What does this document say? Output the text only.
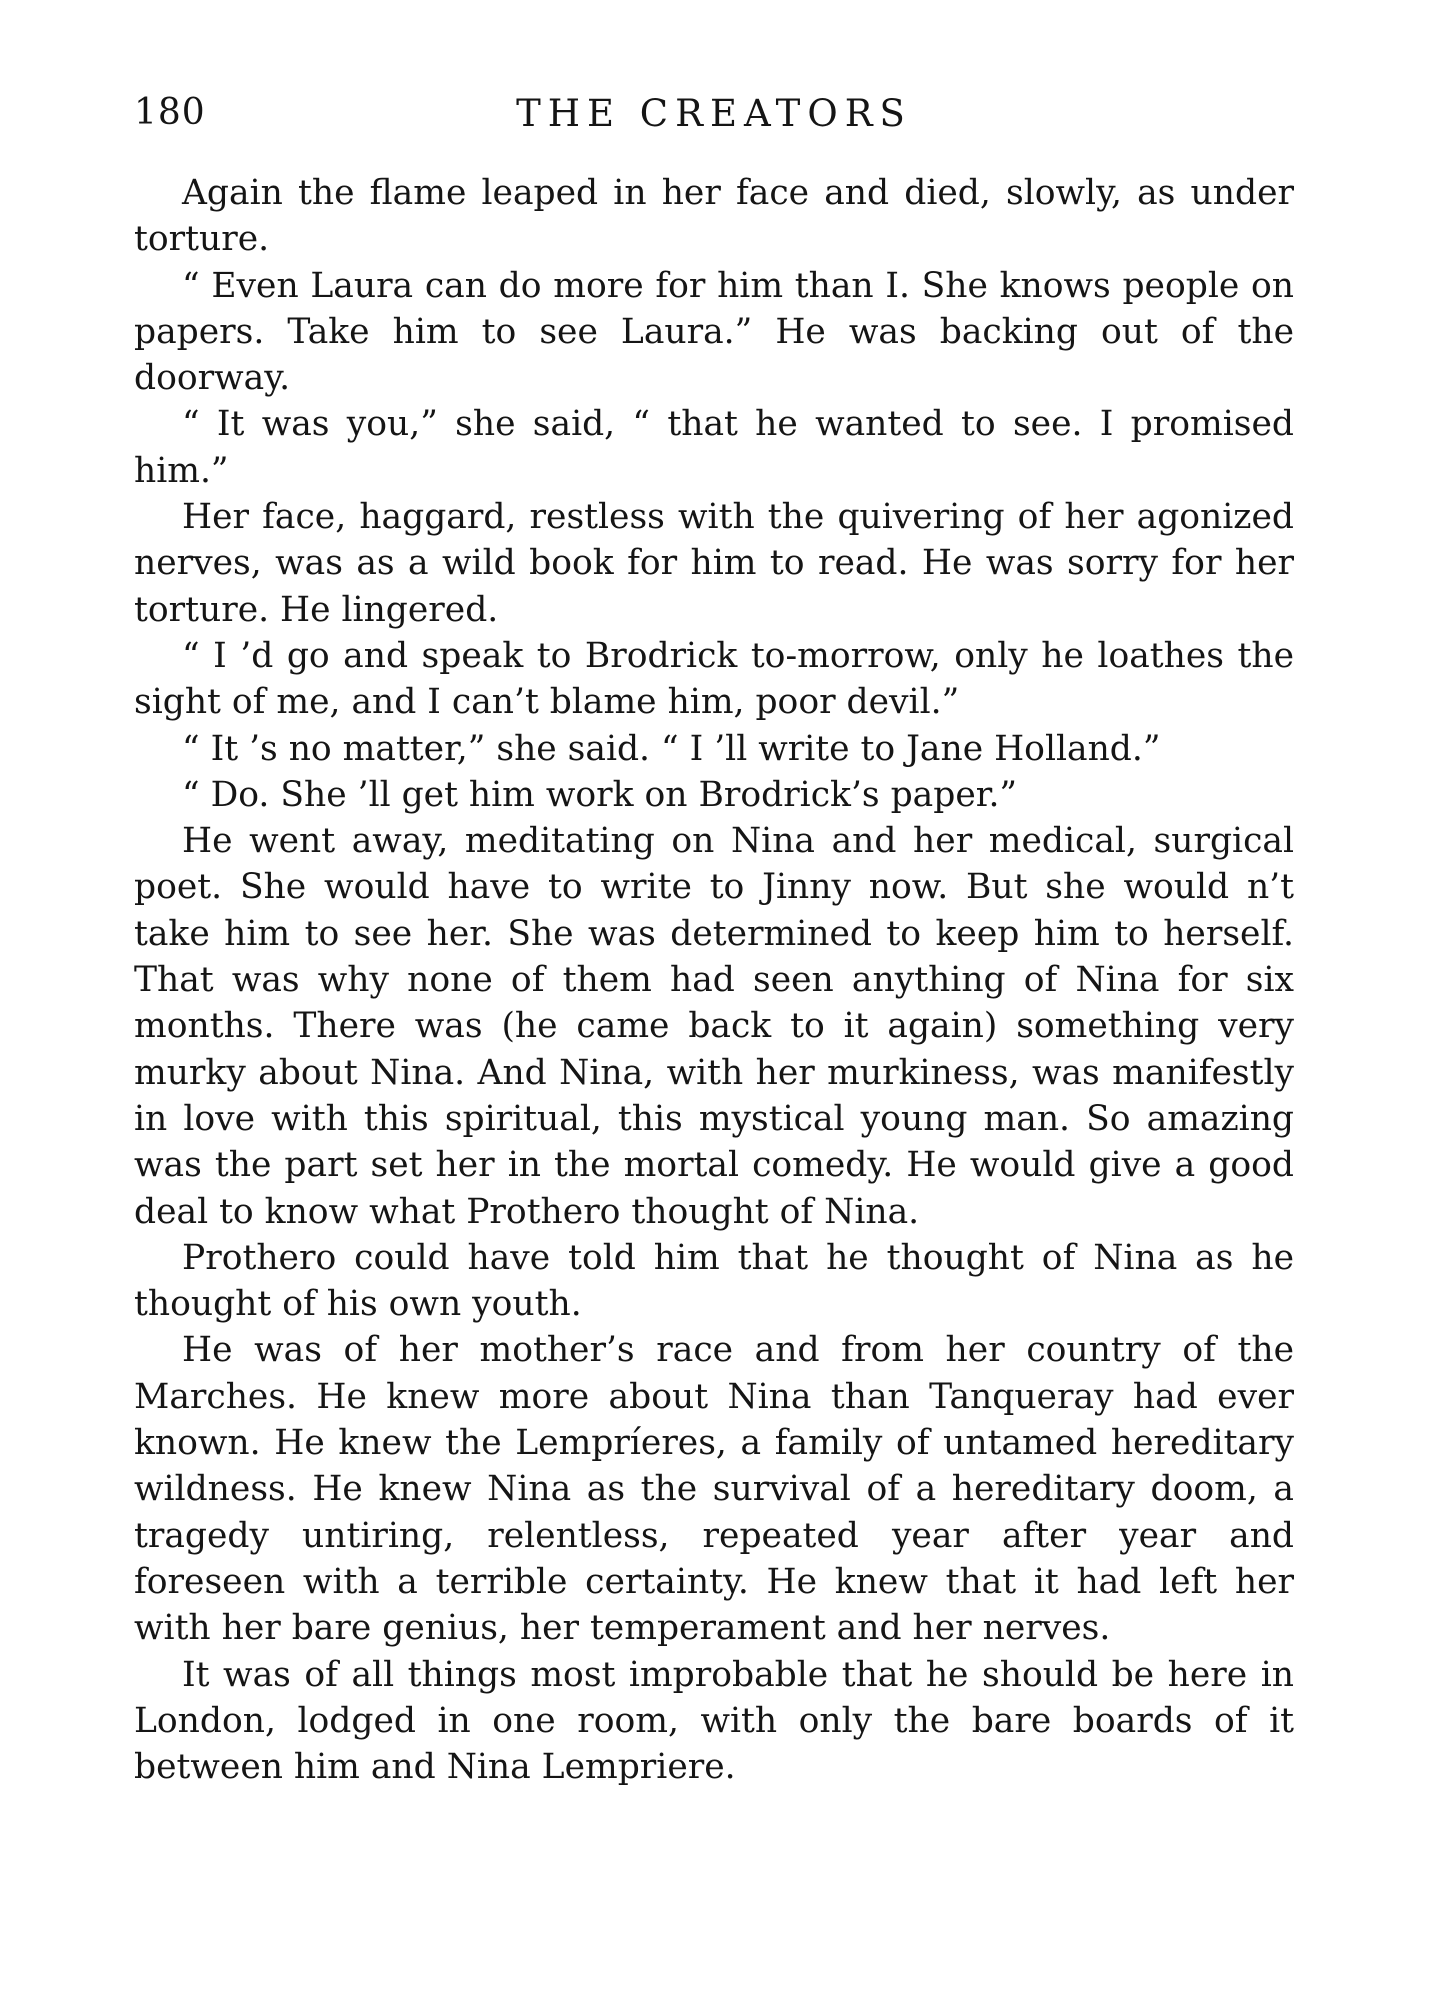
180	THE CREATORS

Again the flame leaped in her face and died, slowly, as under torture.

“ Even Laura can do more for him than I. She knows people on papers. Take him to see Laura.” He was backing out of the doorway.

“ It was you,” she said, “ that he wanted to see. I promised him.”

Her face, haggard, restless with the quivering of her agonized nerves, was as a wild book for him to read. He was sorry for her torture. He lingered.

“ I ’d go and speak to Brodrick to-morrow, only he loathes the sight of me, and I can’t blame him, poor devil.”

“ It ’s no matter,” she said. “ I ’ll write to Jane Holland.”

“ Do. She ’ll get him work on Brodrick’s paper.”

He went away, meditating on Nina and her medical, surgical poet. She would have to write to Jinny now. But she would n’t take him to see her. She was determined to keep him to herself. That was why none of them had seen anything of Nina for six months. There was (he came back to it again) something very murky about Nina. And Nina, with her murkiness, was manifestly in love with this spiritual, this mystical young man. So amazing was the part set her in the mortal comedy. He would give a good deal to know what Prothero thought of Nina.

Prothero could have told him that he thought of Nina as he thought of his own youth.

He was of her mother’s race and from her country of the Marches. He knew more about Nina than Tanqueray had ever known. He knew the Lempríeres, a family of untamed hereditary wildness. He knew Nina as the survival of a hereditary doom, a tragedy untiring, relentless, repeated year after year and foreseen with a terrible certainty. He knew that it had left her with her bare genius, her temperament and her nerves.

It was of all things most improbable that he should be here in London, lodged in one room, with only the bare boards of it between him and Nina Lempriere.
